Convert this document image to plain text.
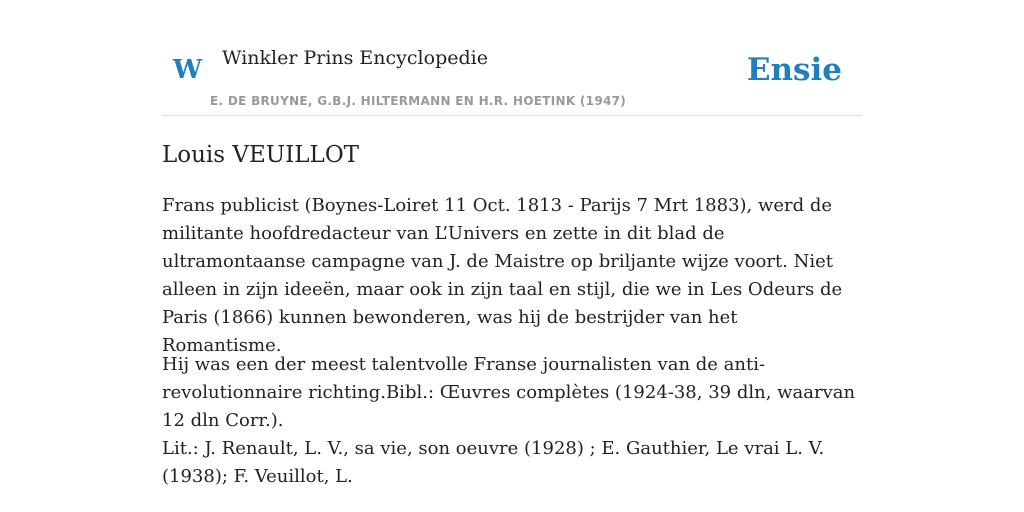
W Winkler Prins Encyclopedie
E. DE BRUYNE, G.B.J. HILTERMANN EN H.R. HOETINK (1947)
Ensie
Louis VEUILLOT

Frans publicist (Boynes-Loiret 11 Oct. 1813 - Parijs 7 Mrt 1883), werd de militante hoofdredacteur van L’Univers en zette in dit blad de ultramontaanse campagne van J. de Maistre op briljante wijze voort. Niet alleen in zijn ideeën, maar ook in zijn taal en stijl, die we in Les Odeurs de Paris (1866) kunnen bewonderen, was hij de bestrijder van het Romantisme.

Hij was een der meest talentvolle Franse journalisten van de anti-revolutionnaire richting.Bibl.: Œuvres complètes (1924-38, 39 dln, waarvan 12 dln Corr.).

Lit.: J. Renault, L. V., sa vie, son oeuvre (1928) ; E. Gauthier, Le vrai L. V. (1938); F. Veuillot, L.
